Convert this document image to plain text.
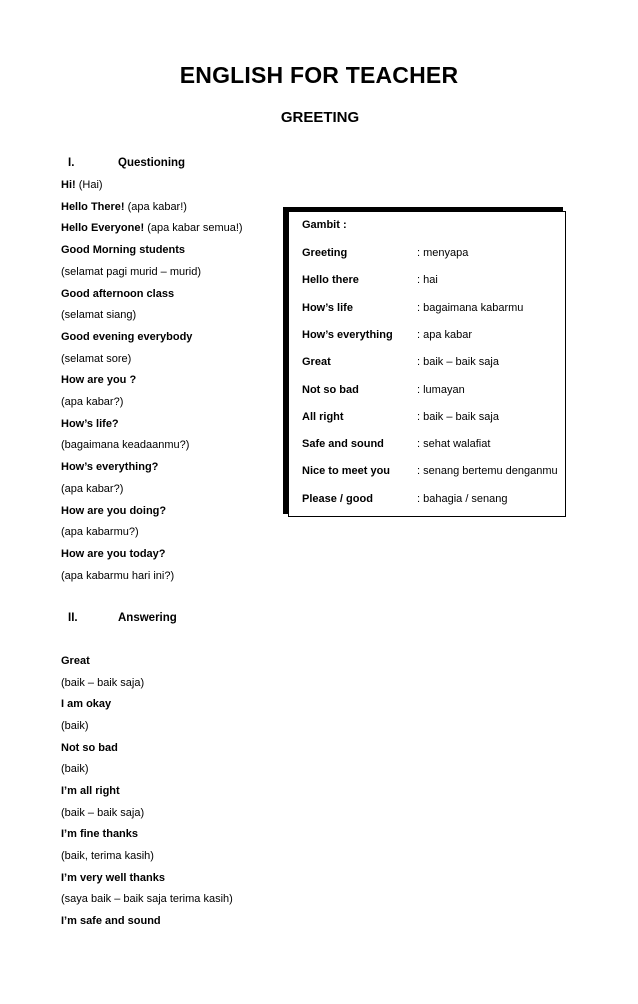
ENGLISH FOR TEACHER
GREETING
I.	Questioning
Hi! (Hai)
Hello There! (apa kabar!)
Hello Everyone! (apa kabar semua!)
Good Morning students
(selamat pagi murid – murid)
Good afternoon class
(selamat siang)
Good evening everybody
(selamat sore)
How are you ?
(apa kabar?)
How’s life?
(bagaimana keadaanmu?)
How’s everything?
(apa kabar?)
How are you doing?
(apa kabarmu?)
How are you today?
(apa kabarmu hari ini?)
II.	Answering
Great
(baik – baik saja)
I am okay
(baik)
Not so bad
(baik)
I’m all right
(baik – baik saja)
I’m fine thanks
(baik, terima kasih)
I’m very well thanks
(saya baik – baik saja terima kasih)
I’m safe and sound
Gambit :
Greeting	: menyapa
Hello there	: hai
How’s life	: bagaimana kabarmu
How’s everything : apa kabar
Great	: baik – baik saja
Not so bad	: lumayan
All right	: baik – baik saja
Safe and sound	: sehat walafiat
Nice to meet you : senang bertemu denganmu
Please / good	: bahagia / senang
